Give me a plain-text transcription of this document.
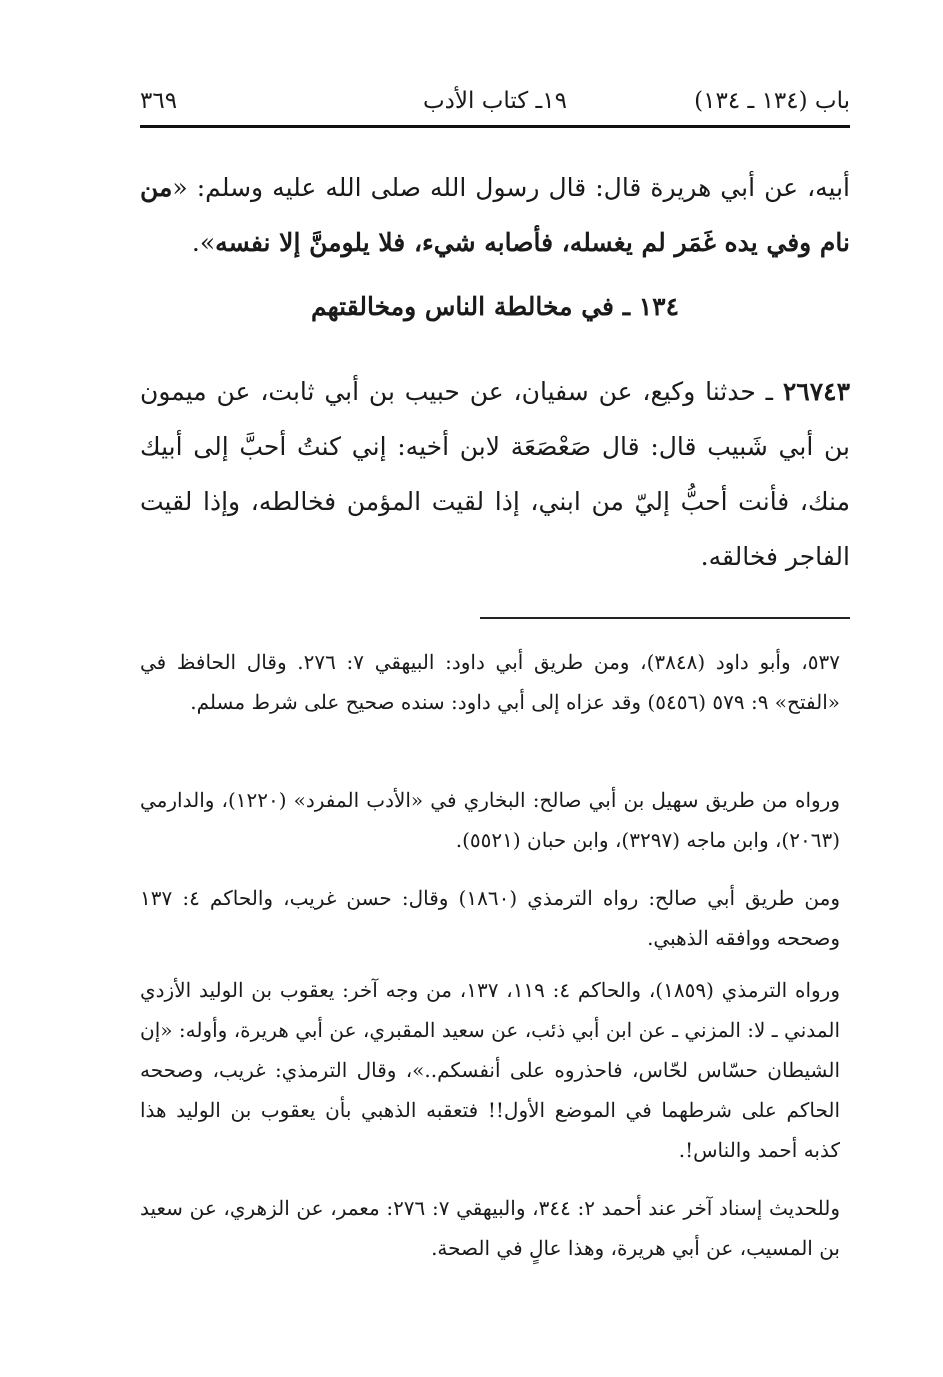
باب (١٣٤ ـ ١٣٤)
١٩ـ كتاب الأدب
٣٦٩
أبيه، عن أبي هريرة قال: قال رسول الله صلى الله عليه وسلم: «من نام وفي يده غَمَر لم يغسله، فأصابه شيء، فلا يلومنَّ إلا نفسه».
١٣٤ ـ في مخالطة الناس ومخالقتهم
٢٦٧٤٣ ـ حدثنا وكيع، عن سفيان، عن حبيب بن أبي ثابت، عن ميمون بن أبي شَبيب قال: قال صَعْصَعَة لابن أخيه: إني كنتُ أحبَّ إلى أبيك منك، فأنت أحبُّ إليّ من ابني، إذا لقيت المؤمن فخالطه، وإذا لقيت الفاجر فخالقه.
٥٣٧، وأبو داود (٣٨٤٨)، ومن طريق أبي داود: البيهقي ٧: ٢٧٦. وقال الحافظ في «الفتح» ٩: ٥٧٩ (٥٤٥٦) وقد عزاه إلى أبي داود: سنده صحيح على شرط مسلم.
ورواه من طريق سهيل بن أبي صالح: البخاري في «الأدب المفرد» (١٢٢٠)، والدارمي (٢٠٦٣)، وابن ماجه (٣٢٩٧)، وابن حبان (٥٥٢١).
ومن طريق أبي صالح: رواه الترمذي (١٨٦٠) وقال: حسن غريب، والحاكم ٤: ١٣٧ وصححه ووافقه الذهبي.
ورواه الترمذي (١٨٥٩)، والحاكم ٤: ١١٩، ١٣٧، من وجه آخر: يعقوب بن الوليد الأزدي المدني ـ لا: المزني ـ عن ابن أبي ذئب، عن سعيد المقبري، عن أبي هريرة، وأوله: «إن الشيطان حسّاس لحّاس، فاحذروه على أنفسكم..»، وقال الترمذي: غريب، وصححه الحاكم على شرطهما في الموضع الأول!! فتعقبه الذهبي بأن يعقوب بن الوليد هذا كذبه أحمد والناس!.
وللحديث إسناد آخر عند أحمد ٢: ٣٤٤، والبيهقي ٧: ٢٧٦: معمر، عن الزهري، عن سعيد بن المسيب، عن أبي هريرة، وهذا عالٍ في الصحة.
